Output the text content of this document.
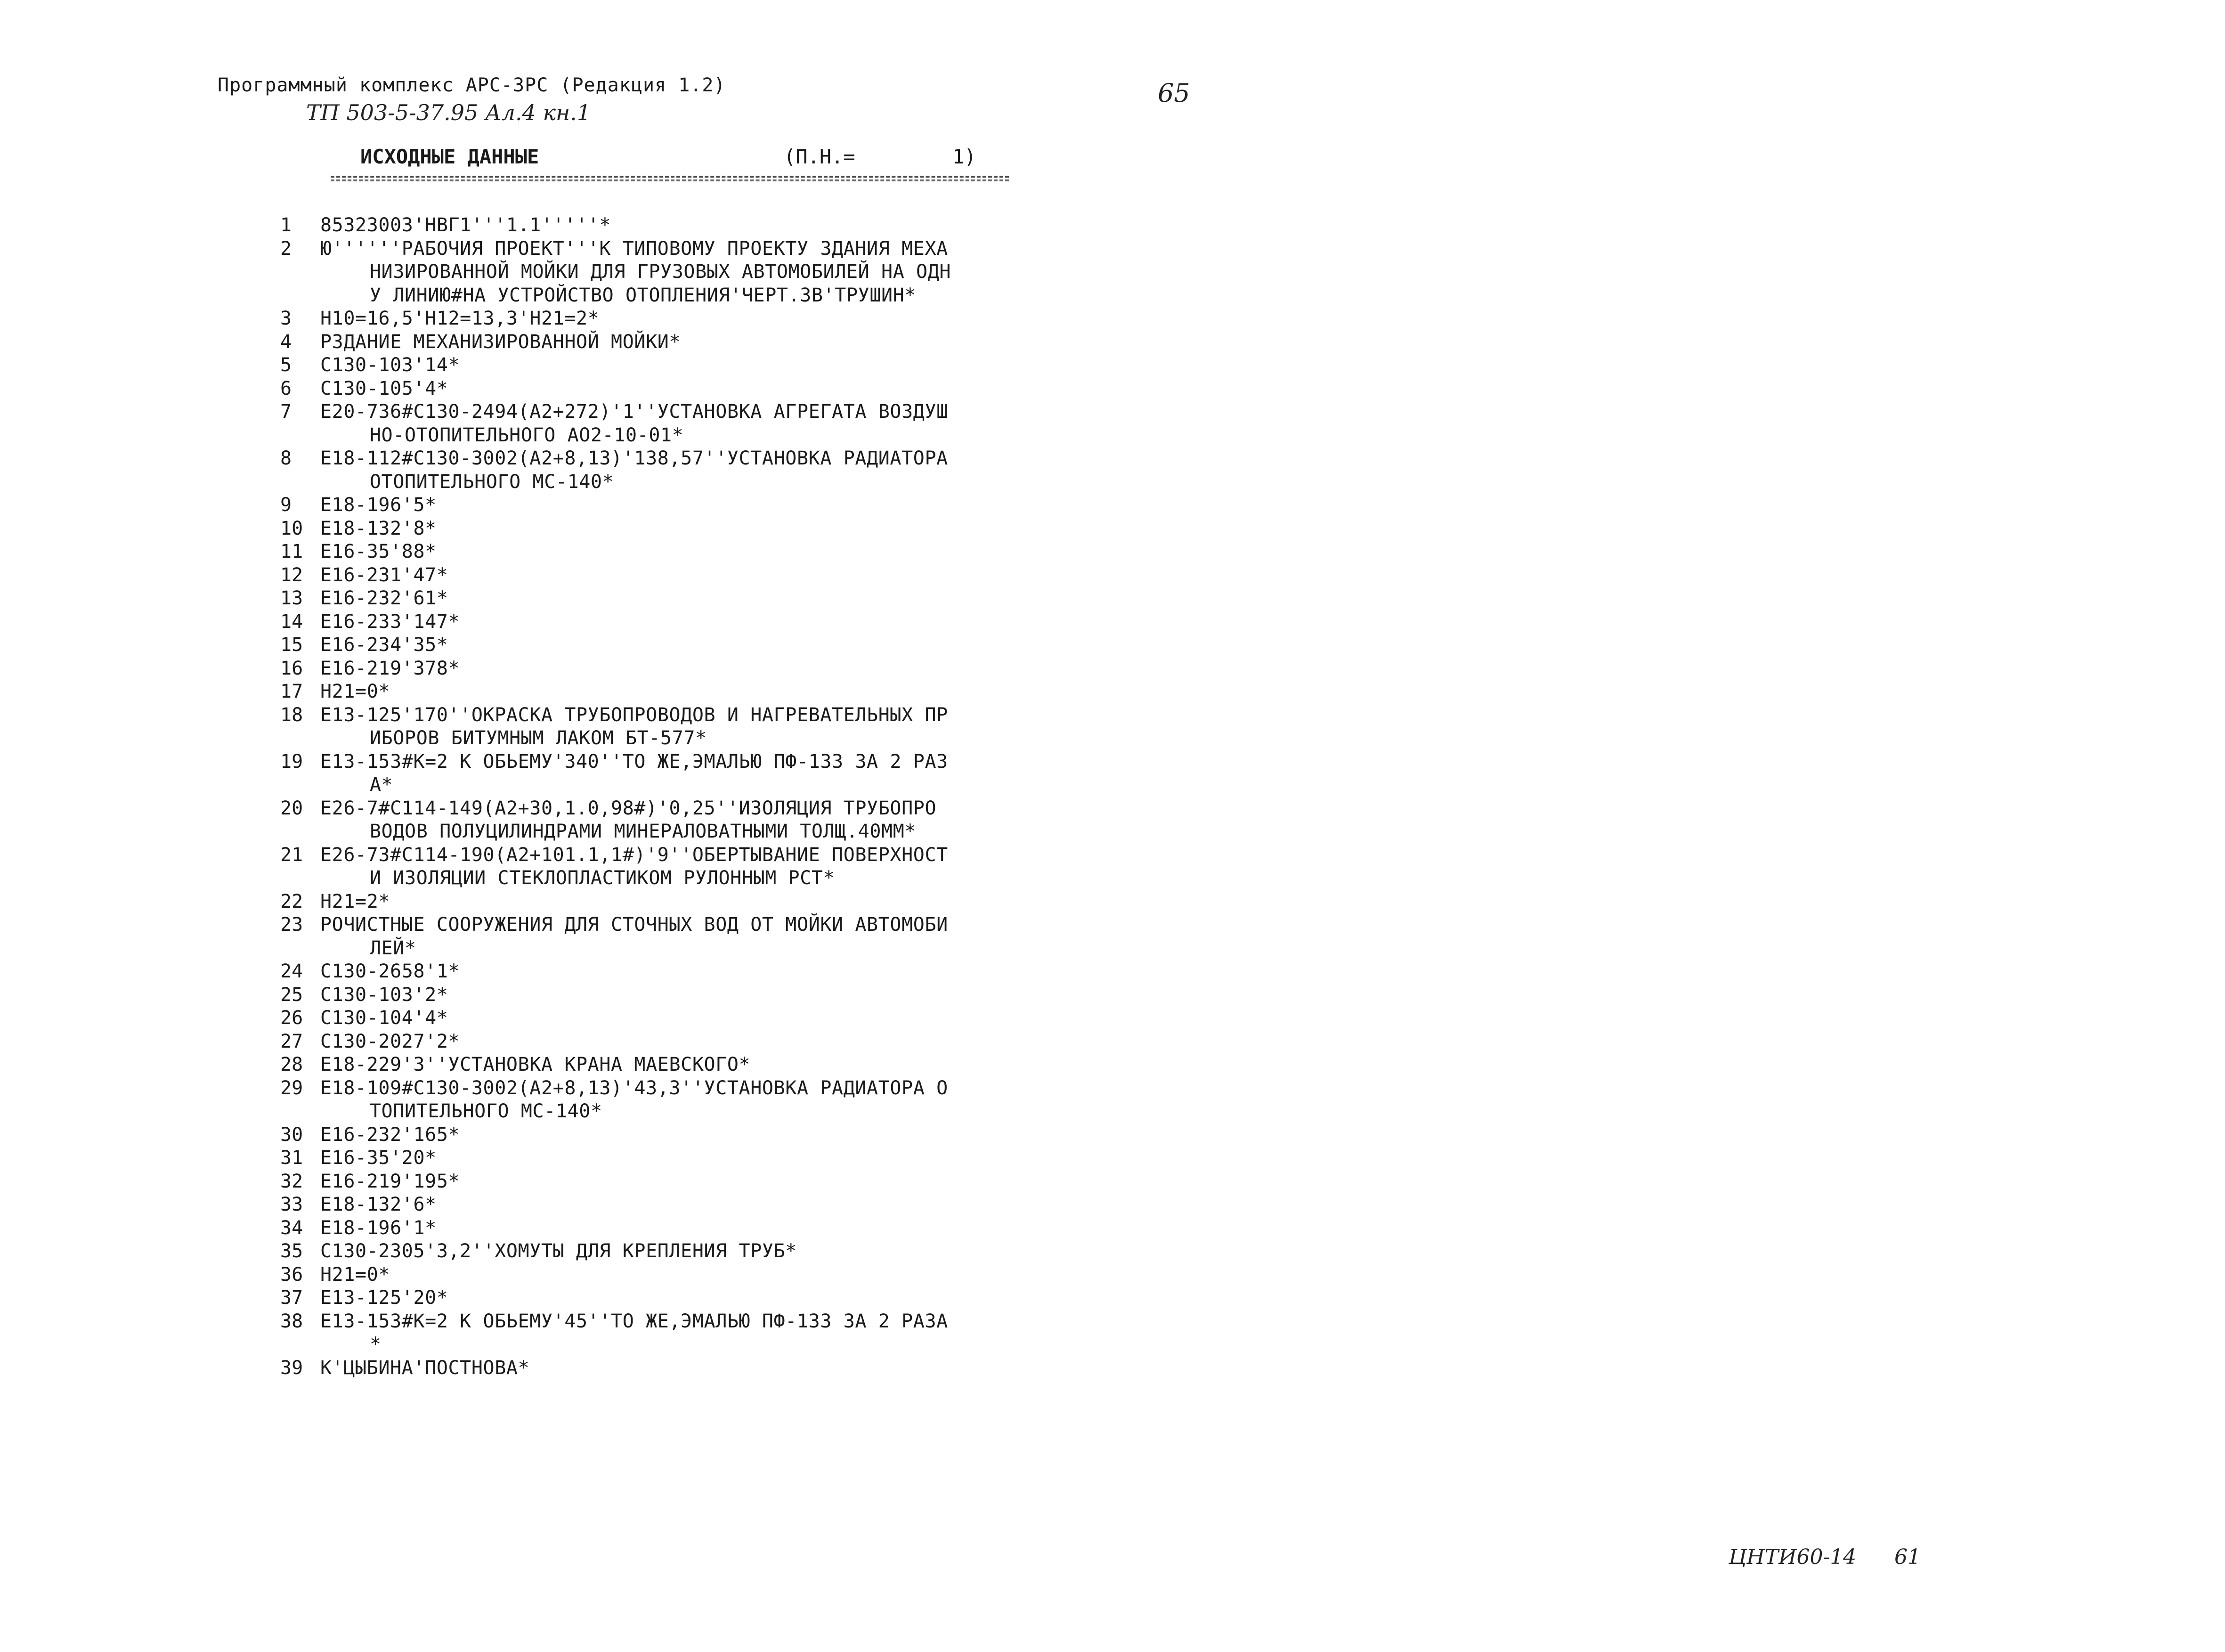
Программный комплекс АРС-ЗРС (Редакция 1.2)
ТП 503-5-37.95 Ал.4 кн.1
65
ИСХОДНЫЕ ДАННЫЕ	(П.Н.=	1)
1	85323003'НВГ1'''1.1'''''*
2	Ю''''''РАБОЧИЯ ПРОЕКТ'''К ТИПОВОМУ ПРОЕКТУ ЗДАНИЯ МЕХА
НИЗИРОВАННОЙ МОЙКИ ДЛЯ ГРУЗОВЫХ АВТОМОБИЛЕЙ НА ОДН
У ЛИНИЮ#НА УСТРОЙСТВО ОТОПЛЕНИЯ'ЧЕРТ.ЗВ'ТРУШИН*
3	Н10=16,5'Н12=13,3'Н21=2*
4	РЗДАНИЕ МЕХАНИЗИРОВАННОЙ МОЙКИ*
5	С130-103'14*
6	С130-105'4*
7	Е20-736#С130-2494(А2+272)'1''УСТАНОВКА АГРЕГАТА ВОЗДУШ
НО-ОТОПИТЕЛЬНОГО АО2-10-01*
8	Е18-112#С130-3002(А2+8,13)'138,57''УСТАНОВКА РАДИАТОРА
ОТОПИТЕЛЬНОГО МС-140*
9	Е18-196'5*
10 Е18-132'8*
11 Е16-35'88*
12 Е16-231'47*
13 Е16-232'61*
14 Е16-233'147*
15 Е16-234'35*
16 Е16-219'378*
17 Н21=0*
18 Е13-125'170''ОКРАСКА ТРУБОПРОВОДОВ И НАГРЕВАТЕЛЬНЫХ ПР
ИБОРОВ БИТУМНЫМ ЛАКОМ БТ-577*
19 Е13-153#К=2 К ОБЬЕМУ'340''ТО ЖЕ,ЭМАЛЬЮ ПФ-133 ЗА 2 РАЗ
А*
20 Е26-7#С114-149(А2+30,1.0,98#)'0,25''ИЗОЛЯЦИЯ ТРУБОПРО
ВОДОВ ПОЛУЦИЛИНДРАМИ МИНЕРАЛОВАТНЫМИ ТОЛЩ.40ММ*
21 Е26-73#С114-190(А2+101.1,1#)'9''ОБЕРТЫВАНИЕ ПОВЕРХНОСТ
И ИЗОЛЯЦИИ СТЕКЛОПЛАСТИКОМ РУЛОННЫМ РСТ*
22 Н21=2*
23 РОЧИСТНЫЕ СООРУЖЕНИЯ ДЛЯ СТОЧНЫХ ВОД ОТ МОЙКИ АВТОМОБИ
ЛЕЙ*
24 С130-2658'1*
25 С130-103'2*
26 С130-104'4*
27 С130-2027'2*
28 Е18-229'3''УСТАНОВКА КРАНА МАЕВСКОГО*
29 Е18-109#С130-3002(А2+8,13)'43,3''УСТАНОВКА РАДИАТОРА О
ТОПИТЕЛЬНОГО МС-140*
30 Е16-232'165*
31 Е16-35'20*
32 Е16-219'195*
33 Е18-132'6*
34 Е18-196'1*
35 С130-2305'3,2''ХОМУТЫ ДЛЯ КРЕПЛЕНИЯ ТРУБ*
36 Н21=0*
37 Е13-125'20*
38 Е13-153#К=2 К ОБЬЕМУ'45''ТО ЖЕ,ЭМАЛЬЮ ПФ-133 ЗА 2 РАЗА
*
39 К'ЦЫБИНА'ПОСТНОВА*
ЦНТИ60-14 61
